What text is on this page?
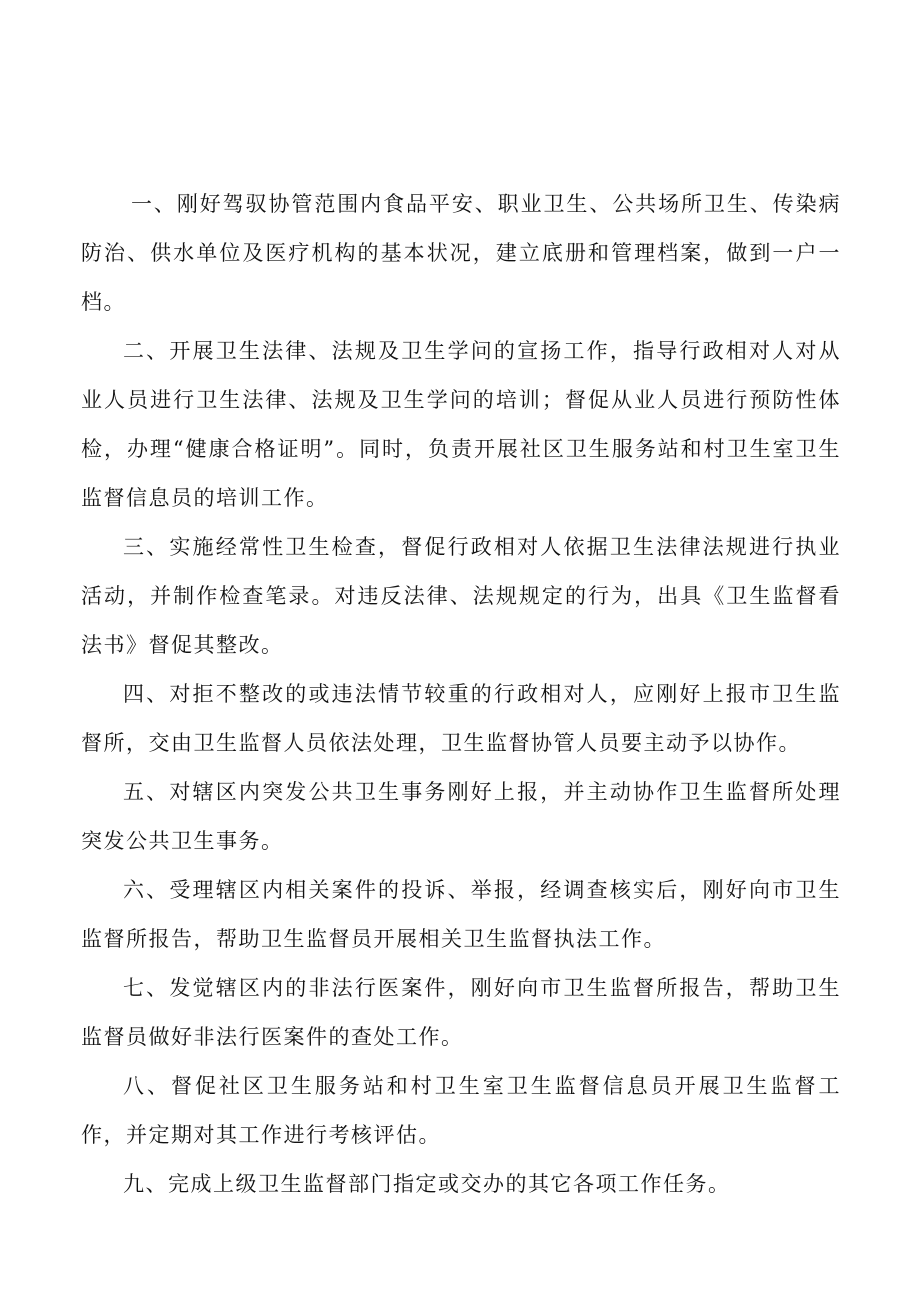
一、刚好驾驭协管范围内食品平安、职业卫生、公共场所卫生、传染病防治、供水单位及医疗机构的基本状况，建立底册和管理档案，做到一户一档。

二、开展卫生法律、法规及卫生学问的宣扬工作，指导行政相对人对从业人员进行卫生法律、法规及卫生学问的培训；督促从业人员进行预防性体检，办理“健康合格证明”。同时，负责开展社区卫生服务站和村卫生室卫生监督信息员的培训工作。

三、实施经常性卫生检查，督促行政相对人依据卫生法律法规进行执业活动，并制作检查笔录。对违反法律、法规规定的行为，出具《卫生监督看法书》督促其整改。

四、对拒不整改的或违法情节较重的行政相对人，应刚好上报市卫生监督所，交由卫生监督人员依法处理，卫生监督协管人员要主动予以协作。

五、对辖区内突发公共卫生事务刚好上报，并主动协作卫生监督所处理突发公共卫生事务。

六、受理辖区内相关案件的投诉、举报，经调查核实后，刚好向市卫生监督所报告，帮助卫生监督员开展相关卫生监督执法工作。

七、发觉辖区内的非法行医案件，刚好向市卫生监督所报告，帮助卫生监督员做好非法行医案件的查处工作。

八、督促社区卫生服务站和村卫生室卫生监督信息员开展卫生监督工作，并定期对其工作进行考核评估。

九、完成上级卫生监督部门指定或交办的其它各项工作任务。
